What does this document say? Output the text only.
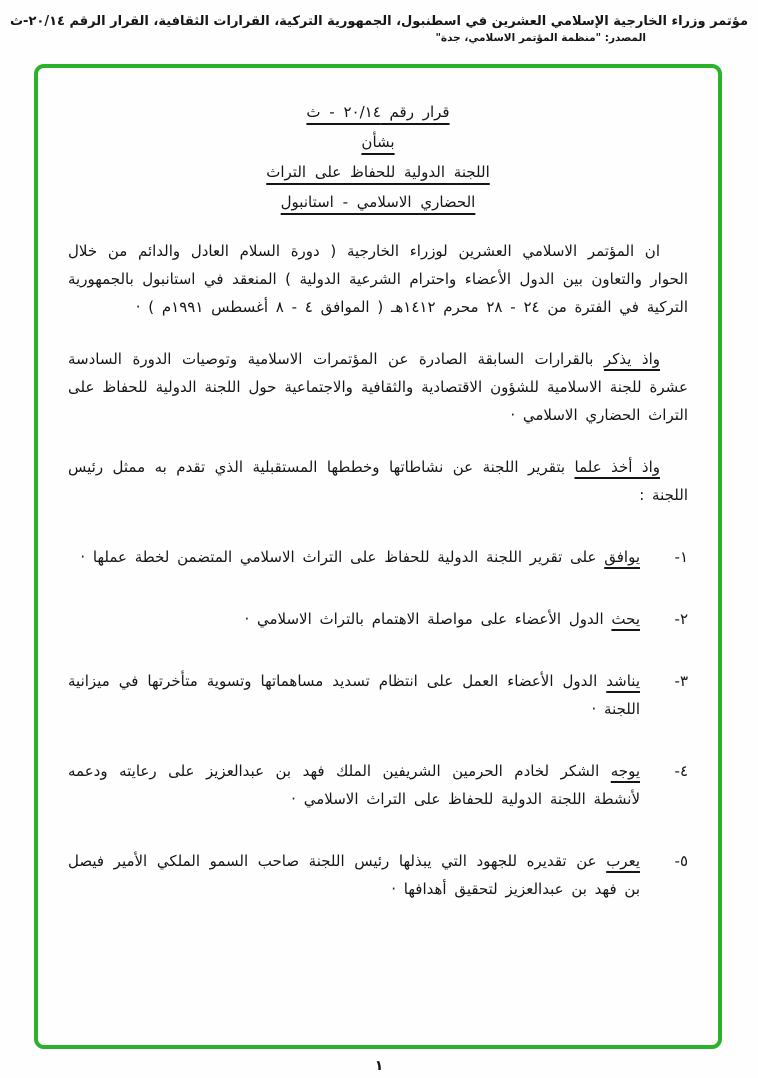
مؤتمر وزراء الخارجية الإسلامي العشرين في اسطنبول، الجمهورية التركية، القرارات الثقافية، القرار الرقم ٢٠/١٤-ث
المصدر: "منظمة المؤتمر الاسلامي، جدة"
قرار رقم ٢٠/١٤ - ث
بشأن
اللجنة الدولية للحفاظ على التراث
الحضاري الاسلامي - استانبول
ان المؤتمر الاسلامي العشرين لوزراء الخارجية ( دورة السلام العادل والدائم من خلال الحوار والتعاون بين الدول الأعضاء واحترام الشرعية الدولية ) المنعقد في استانبول بالجمهورية التركية في الفترة من ٢٤ - ٢٨ محرم ١٤١٢هـ ( الموافق ٤ - ٨ أغسطس ١٩٩١م ) ·
واذ يذكر بالقرارات السابقة الصادرة عن المؤتمرات الاسلامية وتوصيات الدورة السادسة عشرة للجنة الاسلامية للشؤون الاقتصادية والثقافية والاجتماعية حول اللجنة الدولية للحفاظ على التراث الحضاري الاسلامي ·
واذ أخذ علما بتقرير اللجنة عن نشاطاتها وخططها المستقبلية الذي تقدم به ممثل رئيس اللجنة :
١-
يوافق على تقرير اللجنة الدولية للحفاظ على التراث الاسلامي المتضمن لخطة عملها ·
٢-
يحث الدول الأعضاء على مواصلة الاهتمام بالتراث الاسلامي ·
٣-
يناشد الدول الأعضاء العمل على انتظام تسديد مساهماتها وتسوية متأخرتها في ميزانية اللجنة ·
٤-
يوجه الشكر لخادم الحرمين الشريفين الملك فهد بن عبدالعزيز على رعايته ودعمه لأنشطة اللجنة الدولية للحفاظ على التراث الاسلامي ·
٥-
يعرب عن تقديره للجهود التي يبذلها رئيس اللجنة صاحب السمو الملكي الأمير فيصل بن فهد بن عبدالعزيز لتحقيق أهدافها ·
١
